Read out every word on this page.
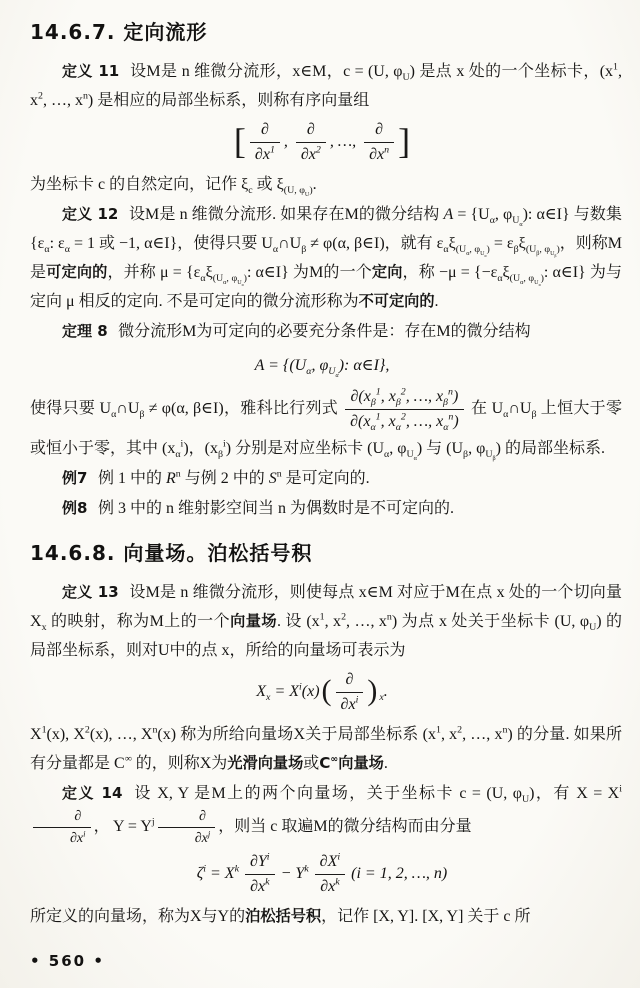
14.6.7. 定向流形

定义 11 设M是 n 维微分流形，x∈M，c = (U, $\varphi_U$) 是点 x 处的一个坐标卡，($x^1$, $x^2$, …, $x^n$) 是相应的局部坐标系，则称有序向量组

[ $\frac{\partial}{\partial x^1}$ , $\frac{\partial}{\partial x^2}$ , …, $\frac{\partial}{\partial x^n}$ ]

为坐标卡 c 的自然定向，记作 $\xi_c$ 或 $\xi_{(U, \varphi_U)}$.

定义 12 设M是 n 维微分流形. 如果存在M的微分结构 $A = \{U_\alpha$, $\varphi_{U_\alpha}$): α∈I} 与数集 {$\varepsilon_\alpha$: $\varepsilon_\alpha = 1$ 或 −1, α∈I}，使得只要 $U_\alpha\cap U_\beta \ne \varphi(\alpha$, β∈I)，就有 $\varepsilon_\alpha\xi_{(U_\alpha, \varphi_{U_\alpha})} = \varepsilon_\beta\xi_{(U_\beta, \varphi_{U_\beta})}$，则称M是可定向的，并称 $\mu = \{\varepsilon_\alpha\xi_{(U_\alpha, \varphi_{U_\alpha})}$: α∈I} 为M的一个定向，称 $-\mu = \{-\varepsilon_\alpha\xi_{(U_\alpha, \varphi_{U_\alpha})}$: α∈I} 为与定向 μ 相反的定向. 不是可定向的微分流形称为不可定向的.

定理 8 微分流形M为可定向的必要充分条件是：存在M的微分结构

$A = \{(U_\alpha$, $\varphi_{U_\alpha}$): α∈I},

使得只要 $U_\alpha\cap U_\beta \ne \varphi(\alpha$, β∈I)，雅科比行列式 $\frac{\partial(x_\beta^1, x_\beta^2, \dots, x_\beta^n)}{\partial(x_\alpha^1, x_\alpha^2, \dots, x_\alpha^n)}$ 在 $U_\alpha\cap U_\beta$ 上恒大于零或恒小于零，其中 $(x_\alpha^i)$，$(x_\beta^i)$ 分别是对应坐标卡 ($U_\alpha$, $\varphi_{U_\alpha}$) 与 ($U_\beta$, $\varphi_{U_\beta}$) 的局部坐标系.

例7 例 1 中的 $R^n$ 与例 2 中的 $S^n$ 是可定向的.

例8 例 3 中的 n 维射影空间当 n 为偶数时是不可定向的.

14.6.8. 向量场。泊松括号积

定义 13 设M是 n 维微分流形，则使每点 x∈M 对应于M在点 x 处的一个切向量 $X_x$ 的映射，称为M上的一个向量场. 设 ($x^1$, $x^2$, …, $x^n$) 为点 x 处关于坐标卡 (U, $\varphi_U$) 的局部坐标系，则对U中的点 x，所给的向量场可表示为

$X_x = X^i(x)( \frac{\partial}{\partial x^i}$ ) $_x$.

$X^1(x)$, $X^2(x)$, …, $X^n(x)$ 称为所给向量场X关于局部坐标系 ($x^1$, $x^2$, …, $x^n$) 的分量. 如果所有分量都是 C∞ 的，则称X为光滑向量场或C∞向量场.

定义 14 设 X, Y 是M上的两个向量场，关于坐标卡 c = (U, $\varphi_U$)，有 $X = X^i$
$\frac{\partial}{\partial x^i}$ ， $Y = Y^j \frac{\partial}{\partial x^j}$ ，则当 c 取遍M的微分结构而由分量

$\zeta^i = X^k \frac{\partial Y^i}{\partial x^k} - Y^k \frac{\partial X^i}{\partial x^k} (i = 1$, 2, …, n)

所定义的向量场，称为X与Y的泊松括号积，记作 [X, Y]. [X, Y] 关于 c 所

• 560 •
